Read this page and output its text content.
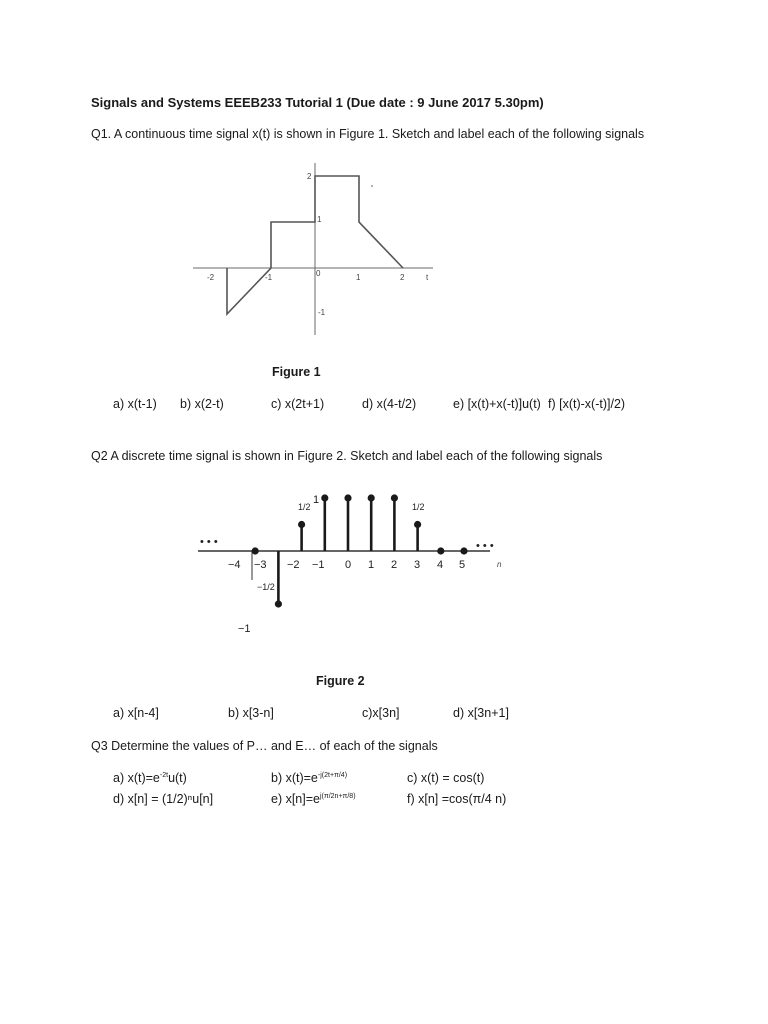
Signals and Systems EEEB233 Tutorial 1 (Due date : 9 June 2017 5.30pm)
Q1. A continuous time signal x(t) is shown in Figure 1. Sketch and label each of the following signals
-2	-1	0	1	2	t
2
1
-1
Figure 1
a) x(t-1) b) x(2-t)	c) x(2t+1)	d) x(4-t/2)	e) [x(t)+x(-t)]u(t) f) [x(t)-x(-t)]/2)
Q2 A discrete time signal is shown in Figure 2. Sketch and label each of the following signals
• • •	• • •
−4 −3 −2 −1 0 1 2 3 4 5	n
1/2
1
1/2
−1/2
−1
Figure 2
a) x[n-4]	b) x[3-n]	c)x[3n]	d) x[3n+1]
Q3 Determine the values of P… and E… of each of the signals
a) $x(t)=e^{-2t}u(t)$	b) $x(t)=e^{-j(2t+\pi/4)}$	c) x(t) = cos(t)
d) x[n] = (1/2)ⁿu[n]	e) $x[n]=e^{j(\pi/2n+\pi/8)}$	f) x[n] =cos(π/4 n)
